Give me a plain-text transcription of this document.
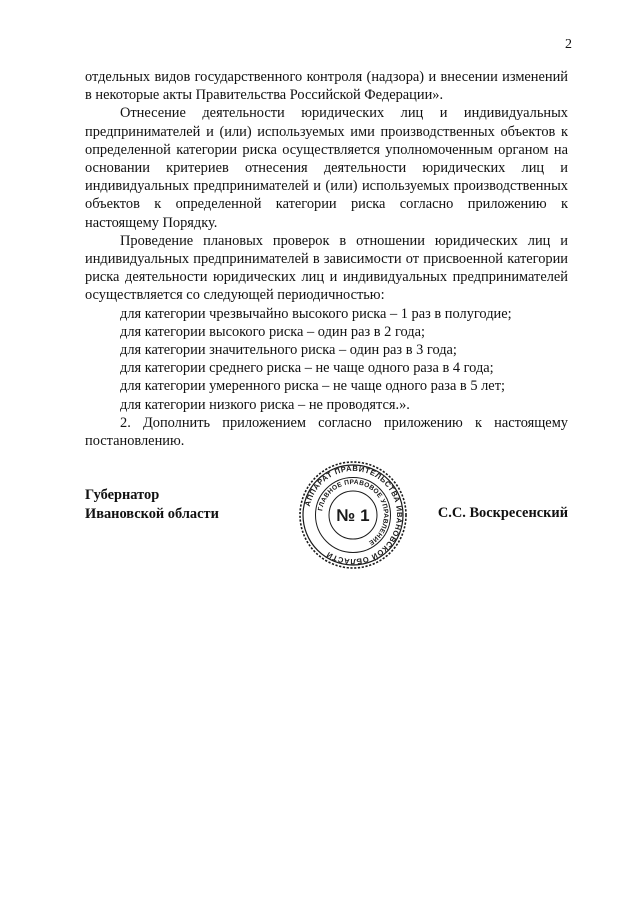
2

отдельных видов государственного контроля (надзора) и внесении изменений в некоторые акты Правительства Российской Федерации».

Отнесение деятельности юридических лиц и индивидуальных предпринимателей и (или) используемых ими производственных объектов к определенной категории риска осуществляется уполномоченным органом на основании критериев отнесения деятельности юридических лиц и индивидуальных предпринимателей и (или) используемых производственных объектов к определенной категории риска согласно приложению к настоящему Порядку.

Проведение плановых проверок в отношении юридических лиц и индивидуальных предпринимателей в зависимости от присвоенной категории риска деятельности юридических лиц и индивидуальных предпринимателей осуществляется со следующей периодичностью:

для категории чрезвычайно высокого риска – 1 раз в полугодие;

для категории высокого риска – один раз в 2 года;

для категории значительного риска – один раз в 3 года;

для категории среднего риска – не чаще одного раза в 4 года;

для категории умеренного риска – не чаще одного раза в 5 лет;

для категории низкого риска – не проводятся.».

2. Дополнить приложением согласно приложению к настоящему постановлению.

Губернатор
Ивановской области
АППАРАТ ПРАВИТЕЛЬСТВА ИВАНОВСКОЙ ОБЛАСТИ
ГЛАВНОЕ ПРАВОВОЕ УПРАВЛЕНИЕ
№ 1	С.С. Воскресенский
